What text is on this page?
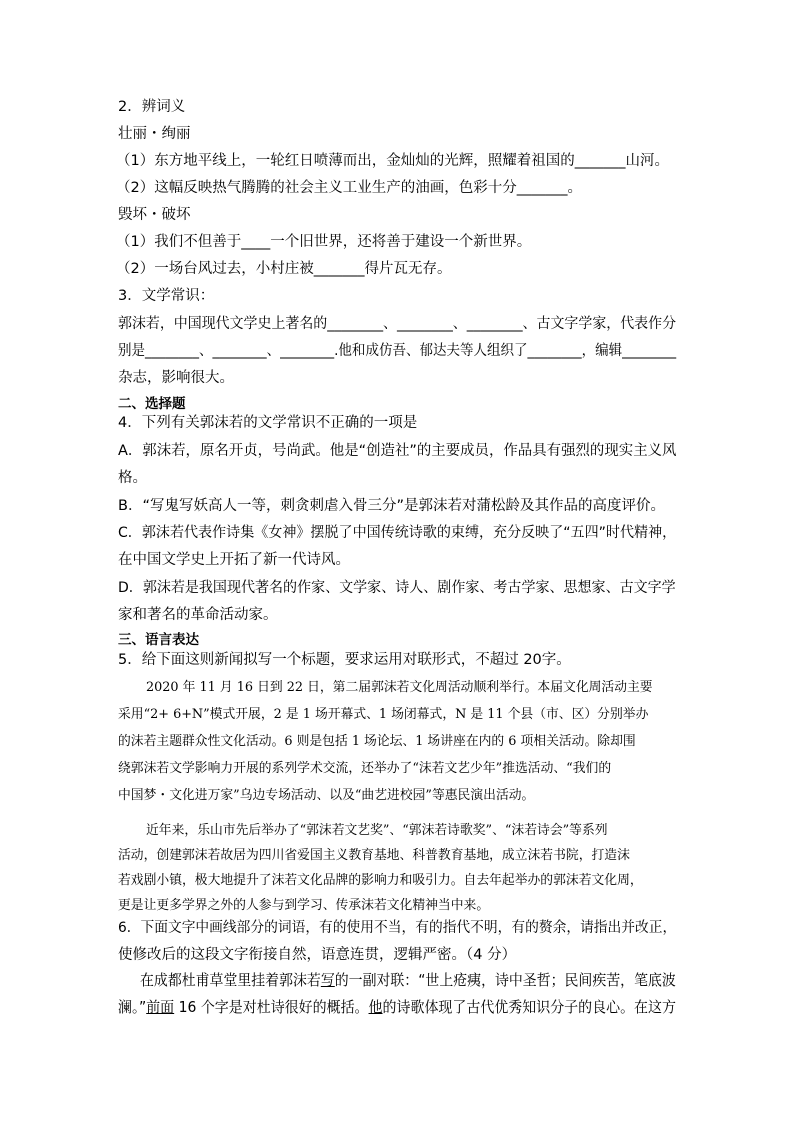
2．辨词义
壮丽・绚丽
（1）东方地平线上，一轮红日喷薄而出，金灿灿的光辉，照耀着祖国的_______山河。
（2）这幅反映热气腾腾的社会主义工业生产的油画，色彩十分_______。
毁坏・破坏
（1）我们不但善于____一个旧世界，还将善于建设一个新世界。
（2）一场台风过去，小村庄被_______得片瓦无存。
3．文学常识：
郭沫若，中国现代文学史上著名的________、________、________、古文字学家，代表作分
别是________、________、________.他和成仿吾、郁达夫等人组织了________，编辑________
杂志，影响很大。
二、选择题
4．下列有关郭沫若的文学常识不正确的一项是
A．郭沫若，原名开贞，号尚武。他是“创造社”的主要成员，作品具有强烈的现实主义风
格。
B．“写鬼写妖高人一等，刺贪刺虐入骨三分”是郭沫若对蒲松龄及其作品的高度评价。
C．郭沫若代表作诗集《女神》摆脱了中国传统诗歌的束缚，充分反映了“五四”时代精神，
在中国文学史上开拓了新一代诗风。
D．郭沫若是我国现代著名的作家、文学家、诗人、剧作家、考古学家、思想家、古文字学
家和著名的革命活动家。
三、语言表达
5．给下面这则新闻拟写一个标题，要求运用对联形式，不超过 20字。
2020 年 11 月 16 日到 22 日，第二届郭沫若文化周活动顺利举行。本届文化周活动主要
采用“2+ 6+N”模式开展，2 是 1 场开幕式、1 场闭幕式，N 是 11 个县（市、区）分别举办
的沫若主题群众性文化活动。6 则是包括 1 场论坛、1 场讲座在内的 6 项相关活动。除却围
绕郭沫若文学影响力开展的系列学术交流，还举办了“沫若文艺少年”推选活动、“我们的
中国梦・文化进万家”乌边专场活动、以及“曲艺进校园”等惠民演出活动。
近年来，乐山市先后举办了“郭沫若文艺奖”、“郭沫若诗歌奖”、“沫若诗会”等系列
活动，创建郭沫若故居为四川省爱国主义教育基地、科普教育基地，成立沫若书院，打造沫
若戏剧小镇，极大地提升了沫若文化品牌的影响力和吸引力。自去年起举办的郭沫若文化周，
更是让更多学界之外的人参与到学习、传承沫若文化精神当中来。
6．下面文字中画线部分的词语，有的使用不当，有的指代不明，有的赘余，请指出并改正，
使修改后的这段文字衔接自然，语意连贯，逻辑严密。（4 分）
在成都杜甫草堂里挂着郭沫若写的一副对联：“世上疮痍，诗中圣哲；民间疾苦，笔底波
澜。”前面 16 个字是对杜诗很好的概括。他的诗歌体现了古代优秀知识分子的良心。在这方
